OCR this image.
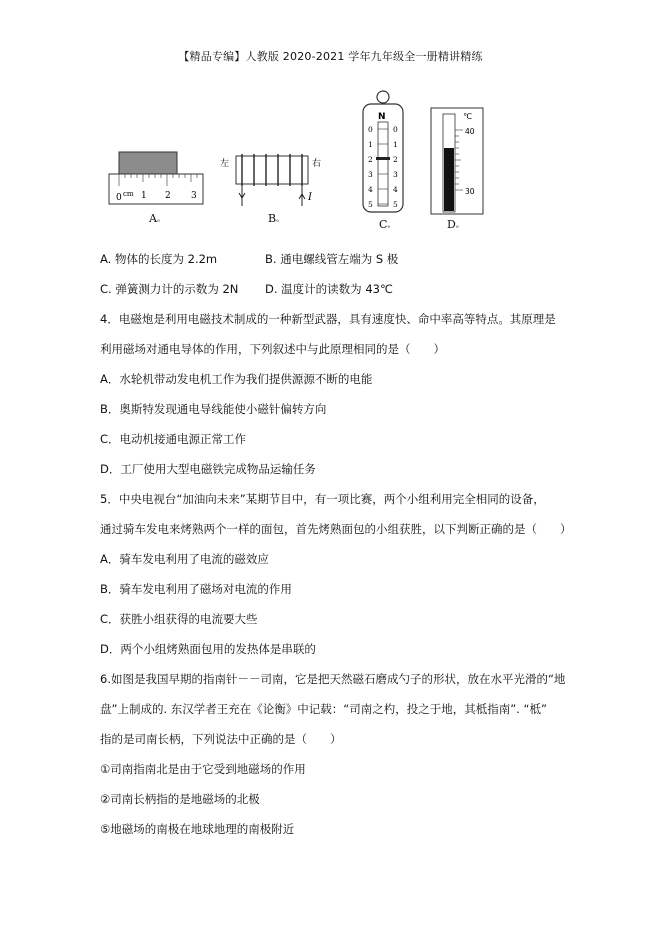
【精品专编】人教版 2020-2021 学年九年级全一册精讲精练
0 cm 1 2 3
Aₑ
左	右
I
Bₑ
N
0	0
1	1
2	2
3	3
4	4
5	5
Cₑ
℃
40
30
Dₑ
A. 物体的长度为 2.2m	B. 通电螺线管左端为 S 极
C. 弹簧测力计的示数为 2N D. 温度计的读数为 43℃
4．电磁炮是利用电磁技术制成的一种新型武器，具有速度快、命中率高等特点。其原理是
利用磁场对通电导体的作用，下列叙述中与此原理相同的是（　　）
A．水轮机带动发电机工作为我们提供源源不断的电能
B．奥斯特发现通电导线能使小磁针偏转方向
C．电动机接通电源正常工作
D．工厂使用大型电磁铁完成物品运输任务
5．中央电视台“加油向未来”某期节目中，有一项比赛，两个小组利用完全相同的设备，
通过骑车发电来烤熟两个一样的面包，首先烤熟面包的小组获胜，以下判断正确的是（　　）
A．骑车发电利用了电流的磁效应
B．骑车发电利用了磁场对电流的作用
C．获胜小组获得的电流要大些
D．两个小组烤熟面包用的发热体是串联的
6.如图是我国早期的指南针－－司南，它是把天然磁石磨成勺子的形状，放在水平光滑的“地
盘”上制成的. 东汉学者王充在《论衡》中记载：“司南之杓，投之于地，其柢指南”. “柢”
指的是司南长柄，下列说法中正确的是（　　）
①司南指南北是由于它受到地磁场的作用
②司南长柄指的是地磁场的北极
⑤地磁场的南极在地球地理的南极附近
